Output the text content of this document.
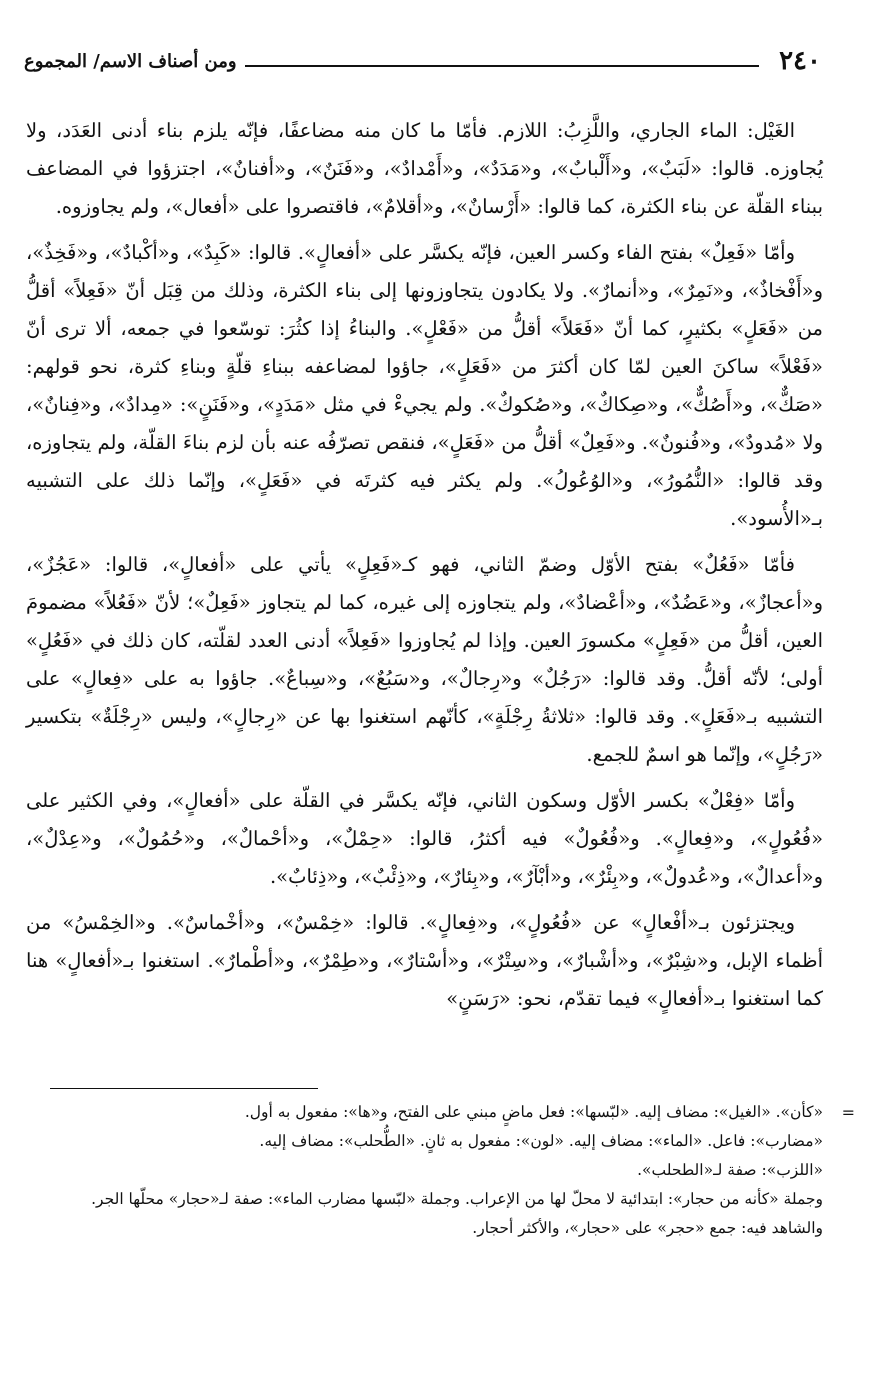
٢٤٠
ومن أصناف الاسم/ المجموع

الغَيْل: الماء الجاري، واللَّزِبُ: اللازم. فأمّا ما كان منه مضاعفًا، فإنّه يلزم بناء أدنى العَدَد، ولا يُجاوزه. قالوا: «لَبَبٌ»، و«أَلْبابٌ»، و«مَدَدٌ»، و«أَمْدادٌ»، و«فَنَنٌ»، و«أفنانٌ»، اجتزؤوا في المضاعف ببناء القلّة عن بناء الكثرة، كما قالوا: «أَرْسانٌ»، و«أقلامٌ»، فاقتصروا على «أفعال»، ولم يجاوزوه.

وأمّا «فَعِلٌ» بفتح الفاء وكسر العين، فإنّه يكسَّر على «أفعالٍ». قالوا: «كَبِدٌ»، و«أكْبادٌ»، و«فَخِذٌ»، و«أَفْخاذٌ»، و«نَمِرٌ»، و«أنمارٌ». ولا يكادون يتجاوزونها إلى بناء الكثرة، وذلك من قِبَل أنّ «فَعِلاً» أقلُّ من «فَعَلٍ» بكثيرٍ، كما أنّ «فَعَلاً» أقلُّ من «فَعْلٍ». والبناءُ إذا كثُرَ: توسّعوا في جمعه، ألا ترى أنّ «فَعْلاً» ساكنَ العين لمّا كان أكثرَ من «فَعَلٍ»، جاؤوا لمضاعفه ببناءِ قلّةٍ وبناءِ كثرة، نحو قولهم: «صَكٌّ»، و«أَصُكٌّ»، و«صِكاكٌ»، و«صُكوكٌ». ولم يجيءْ في مثل «مَدَدٍ»، و«فَنَنٍ»: «مِدادٌ»، و«فِنانٌ»، ولا «مُدودٌ»، و«فُنونٌ». و«فَعِلٌ» أقلُّ من «فَعَلٍ»، فنقص تصرّفُه عنه بأن لزم بناءَ القلّة، ولم يتجاوزه، وقد قالوا: «النُّمُورُ»، و«الوُعُولُ». ولم يكثر فيه كثرتَه في «فَعَلٍ»، وإنّما ذلك على التشبيه بـ«الأُسود».

فأمّا «فَعُلٌ» بفتح الأوّل وضمّ الثاني، فهو كـ«فَعِلٍ» يأتي على «أفعالٍ»، قالوا: «عَجُزٌ»، و«أعجازٌ»، و«عَضُدٌ»، و«أعْضادٌ»، ولم يتجاوزه إلى غيره، كما لم يتجاوز «فَعِلٌ»؛ لأنّ «فَعُلاً» مضمومَ العين، أقلُّ من «فَعِلٍ» مكسورَ العين. وإذا لم يُجاوزوا «فَعِلاً» أدنى العدد لقلّته، كان ذلك في «فَعُلٍ» أولى؛ لأنّه أقلُّ. وقد قالوا: «رَجُلٌ» و«رِجالٌ»، و«سَبُعٌ»، و«سِباعٌ». جاؤوا به على «فِعالٍ» على التشبيه بـ«فَعَلٍ». وقد قالوا: «ثلاثةُ رِجْلَةٍ»، كأنّهم استغنوا بها عن «رِجالٍ»، وليس «رِجْلَةٌ» بتكسير «رَجُلٍ»، وإنّما هو اسمٌ للجمع.

وأمّا «فِعْلٌ» بكسر الأوّل وسكون الثاني، فإنّه يكسَّر في القلّة على «أفعالٍ»، وفي الكثير على «فُعُولٍ»، و«فِعالٍ». و«فُعُولٌ» فيه أكثرُ، قالوا: «حِمْلٌ»، و«أحْمالٌ»، و«حُمُولٌ»، و«عِدْلٌ»، و«أعدالٌ»، و«عُدولٌ»، و«بِئْرٌ»، و«أبْآرٌ»، و«بِئارٌ»، و«ذِئْبٌ»، و«ذِئابٌ».

ويجتزئون بـ«أفْعالٍ» عن «فُعُولٍ»، و«فِعالٍ». قالوا: «خِمْسٌ»، و«أخْماسٌ». و«الخِمْسُ» من أظماء الإبل، و«شِبْرٌ»، و«أشْبارٌ»، و«سِتْرٌ»، و«أسْتارٌ»، و«طِمْرٌ»، و«أطْمارٌ». استغنوا بـ«أفعالٍ» هنا كما استغنوا بـ«أفعالٍ» فيما تقدّم، نحو: «رَسَنٍ»

=

«كأن». «الغيل»: مضاف إليه. «لبّسها»: فعل ماضٍ مبني على الفتح، و«ها»: مفعول به أول.

«مضارب»: فاعل. «الماء»: مضاف إليه. «لون»: مفعول به ثانٍ. «الطُّحلب»: مضاف إليه.

«اللزب»: صفة لـ«الطحلب».

وجملة «كأنه من حجار»: ابتدائية لا محلّ لها من الإعراب. وجملة «لبّسها مضارب الماء»: صفة لـ«حجار» محلّها الجر.

والشاهد فيه: جمع «حجر» على «حجار»، والأكثر أحجار.
